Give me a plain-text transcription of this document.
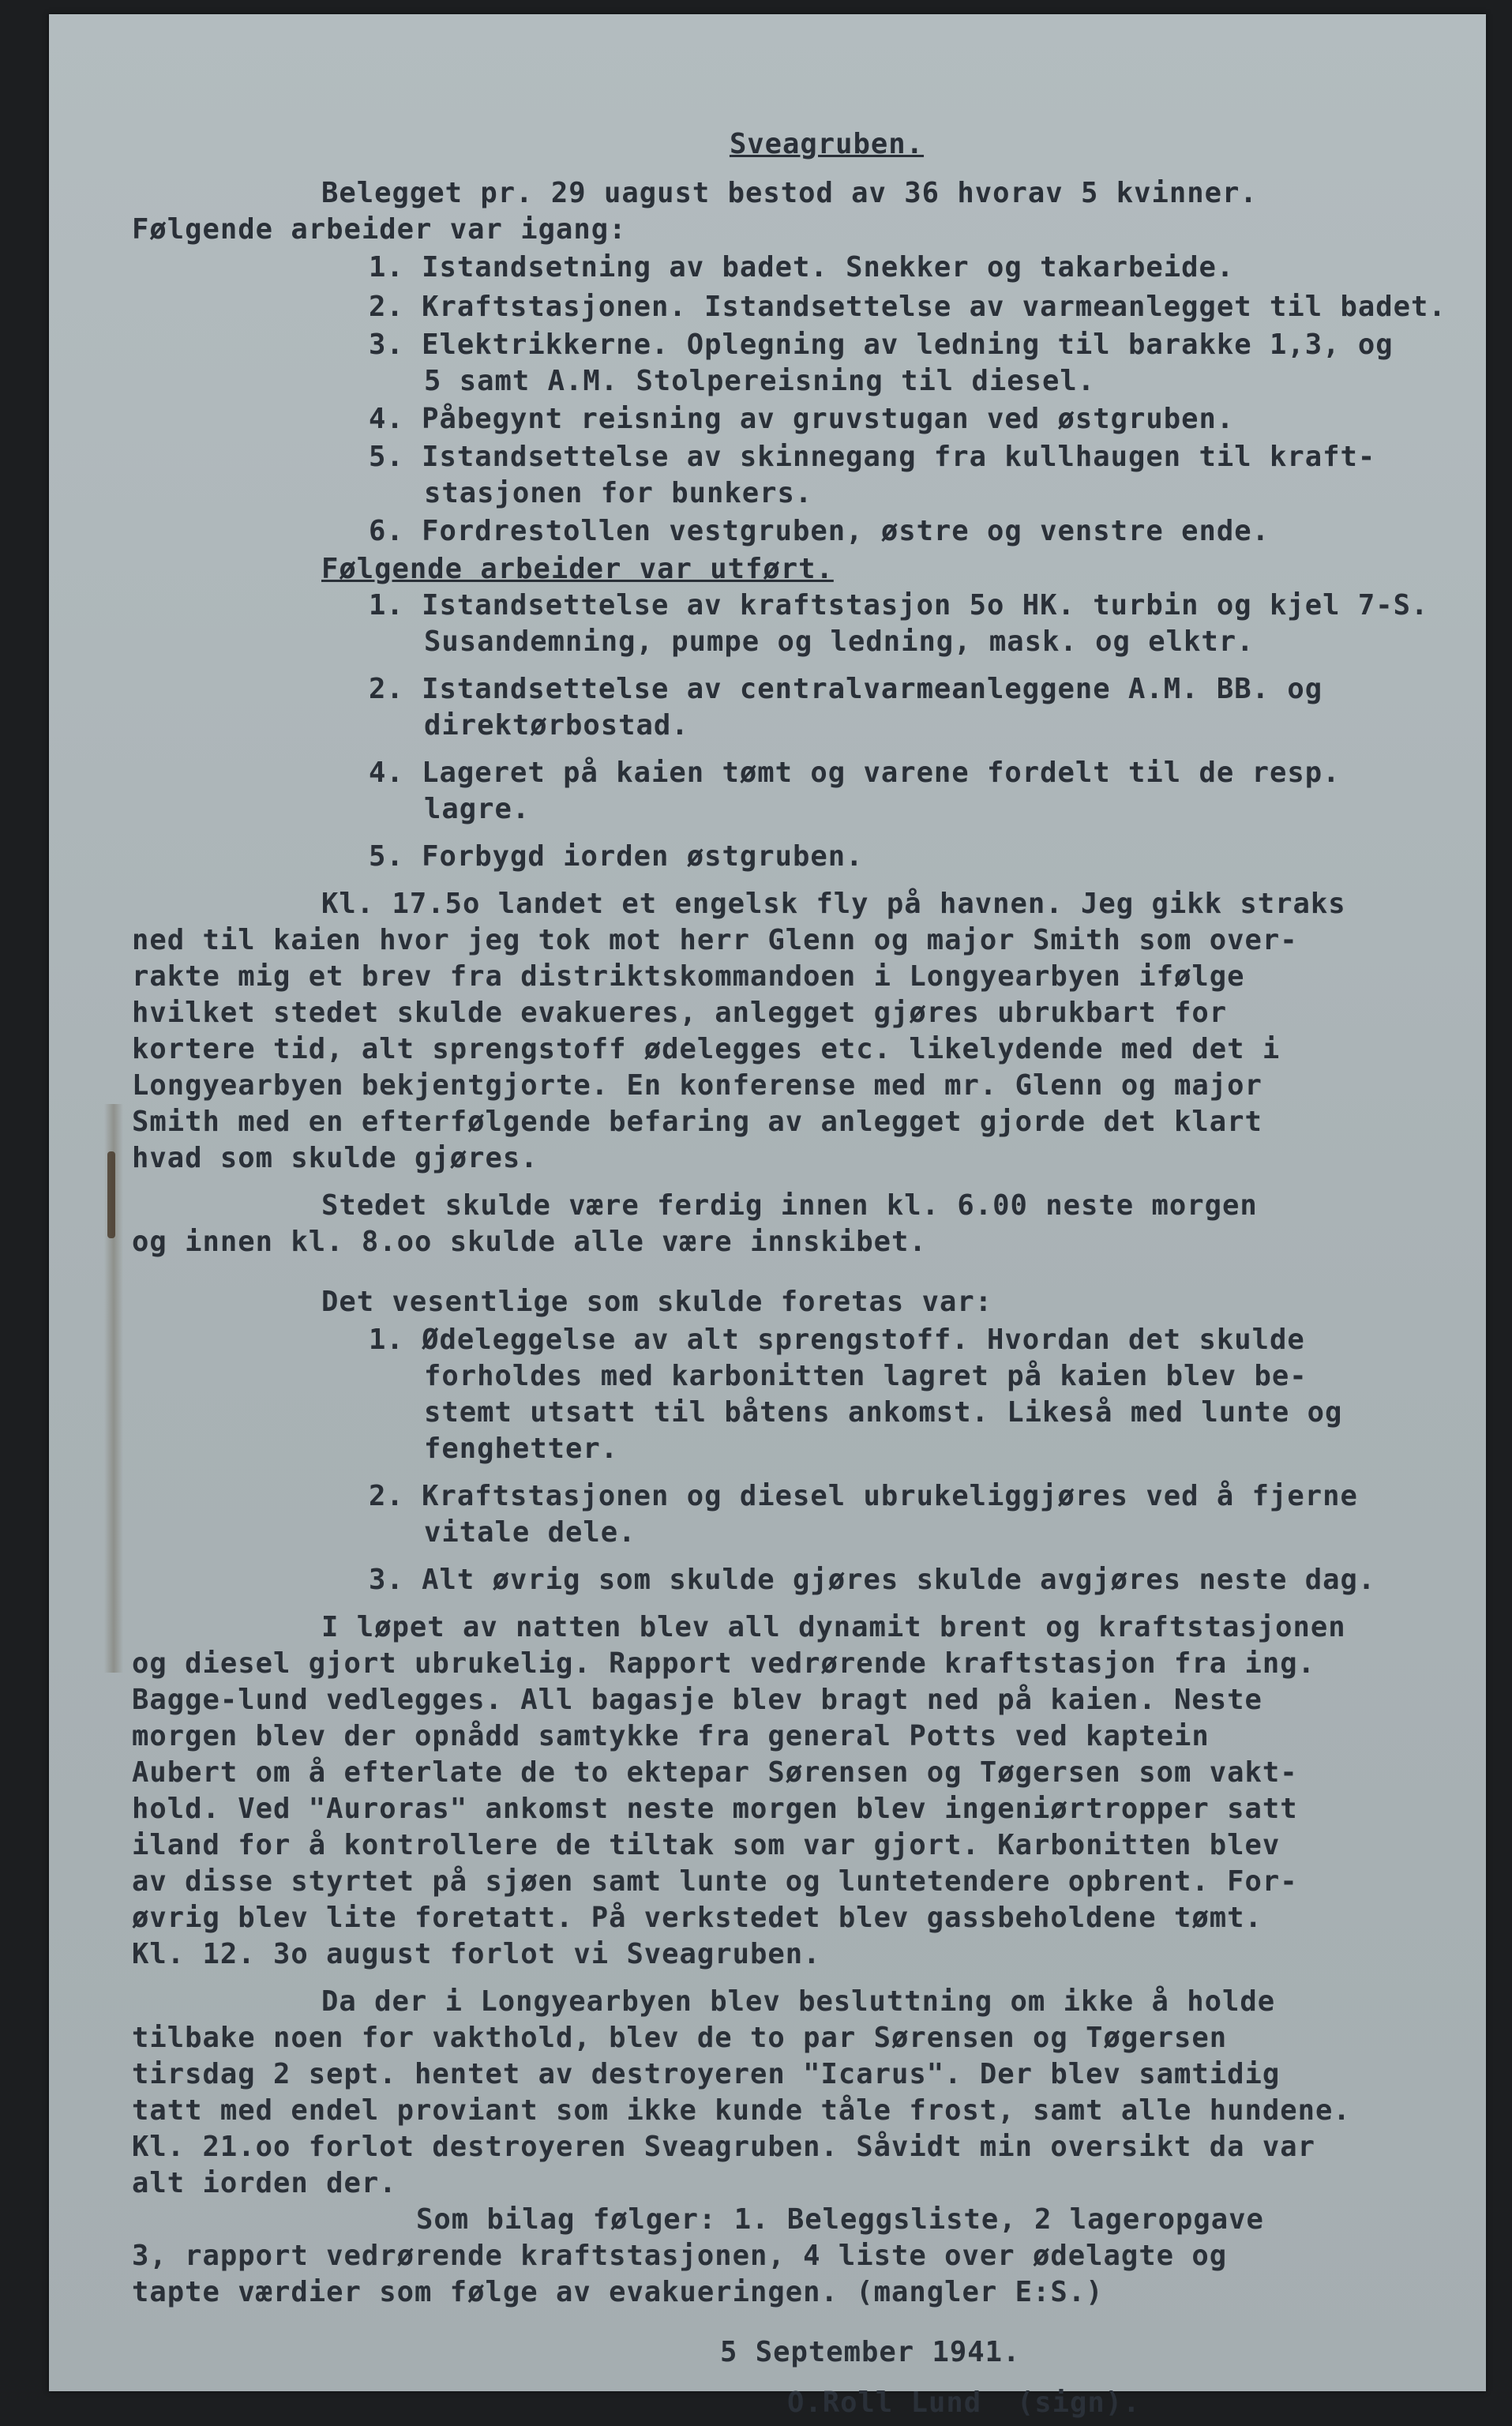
Sveagruben.
Belegget pr. 29 uagust bestod av 36 hvorav 5 kvinner.
Følgende arbeider var igang:
1. Istandsetning av badet. Snekker og takarbeide.
2. Kraftstasjonen. Istandsettelse av varmeanlegget til badet.
3. Elektrikkerne. Oplegning av ledning til barakke 1,3, og
5 samt A.M. Stolpereisning til diesel.
4. Påbegynt reisning av gruvstugan ved østgruben.
5. Istandsettelse av skinnegang fra kullhaugen til kraft-
stasjonen for bunkers.
6. Fordrestollen vestgruben, østre og venstre ende.
Følgende arbeider var utført.
1. Istandsettelse av kraftstasjon 5o HK. turbin og kjel 7-S.
Susandemning, pumpe og ledning, mask. og elktr.
2. Istandsettelse av centralvarmeanleggene A.M. BB. og
direktørbostad.
4. Lageret på kaien tømt og varene fordelt til de resp.
lagre.
5. Forbygd iorden østgruben.
Kl. 17.5o landet et engelsk fly på havnen. Jeg gikk straks
ned til kaien hvor jeg tok mot herr Glenn og major Smith som over-
rakte mig et brev fra distriktskommandoen i Longyearbyen ifølge
hvilket stedet skulde evakueres, anlegget gjøres ubrukbart for
kortere tid, alt sprengstoff ødelegges etc. likelydende med det i
Longyearbyen bekjentgjorte. En konferense med mr. Glenn og major
Smith med en efterfølgende befaring av anlegget gjorde det klart
hvad som skulde gjøres.
Stedet skulde være ferdig innen kl. 6.00 neste morgen
og innen kl. 8.oo skulde alle være innskibet.
Det vesentlige som skulde foretas var:
1. Ødeleggelse av alt sprengstoff. Hvordan det skulde
forholdes med karbonitten lagret på kaien blev be-
stemt utsatt til båtens ankomst. Likeså med lunte og
fenghetter.
2. Kraftstasjonen og diesel ubrukeliggjøres ved å fjerne
vitale dele.
3. Alt øvrig som skulde gjøres skulde avgjøres neste dag.
I løpet av natten blev all dynamit brent og kraftstasjonen
og diesel gjort ubrukelig. Rapport vedrørende kraftstasjon fra ing.
Bagge-lund vedlegges. All bagasje blev bragt ned på kaien. Neste
morgen blev der opnådd samtykke fra general Potts ved kaptein
Aubert om å efterlate de to ektepar Sørensen og Tøgersen som vakt-
hold. Ved "Auroras" ankomst neste morgen blev ingeniørtropper satt
iland for å kontrollere de tiltak som var gjort. Karbonitten blev
av disse styrtet på sjøen samt lunte og luntetendere opbrent. For-
øvrig blev lite foretatt. På verkstedet blev gassbeholdene tømt.
Kl. 12. 3o august forlot vi Sveagruben.
Da der i Longyearbyen blev besluttning om ikke å holde
tilbake noen for vakthold, blev de to par Sørensen og Tøgersen
tirsdag 2 sept. hentet av destroyeren "Icarus". Der blev samtidig
tatt med endel proviant som ikke kunde tåle frost, samt alle hundene.
Kl. 21.oo forlot destroyeren Sveagruben. Såvidt min oversikt da var
alt iorden der.
Som bilag følger: 1. Beleggsliste, 2 lageropgave
3, rapport vedrørende kraftstasjonen, 4 liste over ødelagte og
tapte værdier som følge av evakueringen. (mangler E:S.)
5 September 1941.
O.Roll Lund  (sign).
